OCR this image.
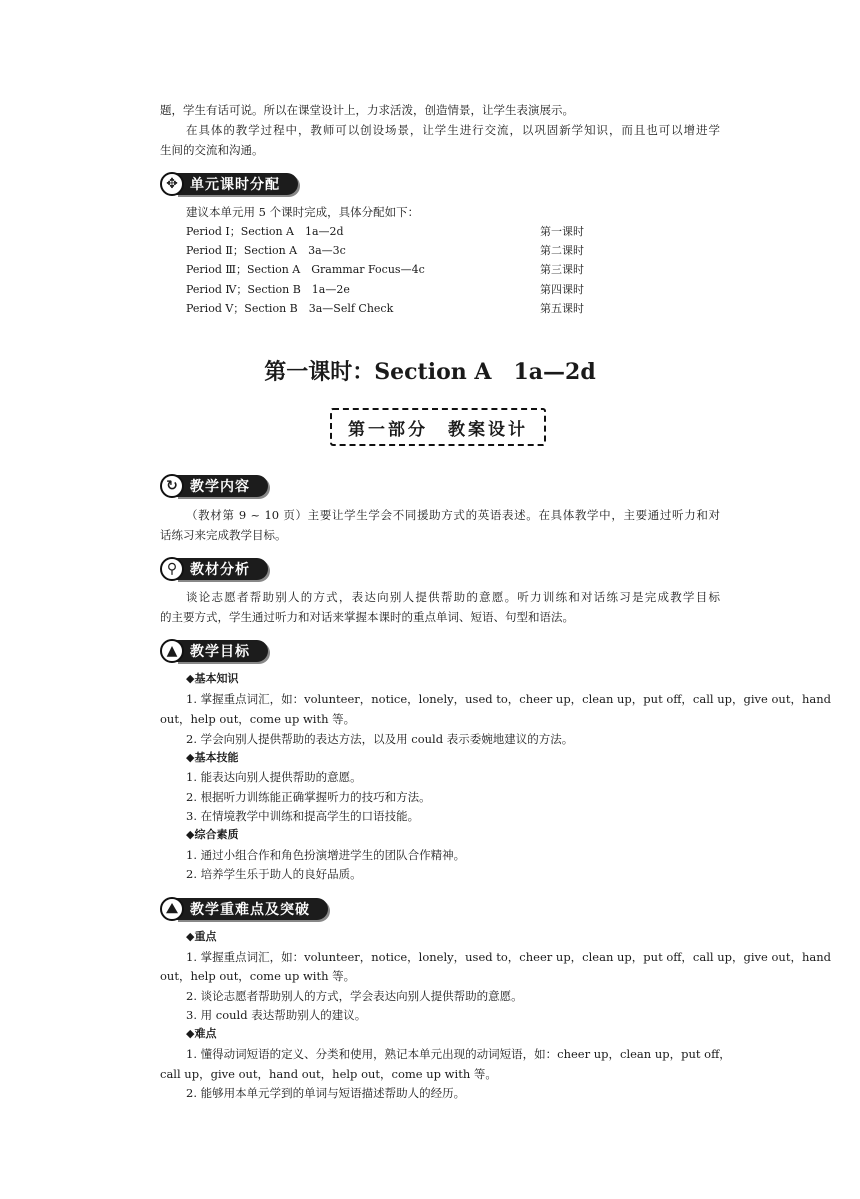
题，学生有话可说。所以在课堂设计上，力求活泼，创造情景，让学生表演展示。

在具体的教学过程中，教师可以创设场景，让学生进行交流，以巩固新学知识，而且也可以增进学

生间的交流和沟通。

✥ 单元课时分配

建议本单元用 5 个课时完成，具体分配如下：

Period Ⅰ；Section A　1a—2d	第一课时
Period Ⅱ；Section A　3a—3c	第二课时
Period Ⅲ；Section A　Grammar Focus—4c	第三课时
Period Ⅳ；Section B　1a—2e	第四课时
Period Ⅴ；Section B　3a—Self Check	第五课时
第一课时：Section A　1a—2d
第一部分　教案设计
↻ 教学内容

（教材第 9 ~ 10 页）主要让学生学会不同援助方式的英语表述。在具体教学中，主要通过听力和对

话练习来完成教学目标。

⚲ 教材分析

谈论志愿者帮助别人的方式，表达向别人提供帮助的意愿。听力训练和对话练习是完成教学目标

的主要方式，学生通过听力和对话来掌握本课时的重点单词、短语、句型和语法。

▲ 教学目标

◆基本知识

1. 掌握重点词汇，如：volunteer，notice，lonely，used to，cheer up，clean up，put off，call up，give out，hand

out，help out，come up with 等。

2. 学会向别人提供帮助的表达方法，以及用 could 表示委婉地建议的方法。

◆基本技能

1. 能表达向别人提供帮助的意愿。

2. 根据听力训练能正确掌握听力的技巧和方法。

3. 在情境教学中训练和提高学生的口语技能。

◆综合素质

1. 通过小组合作和角色扮演增进学生的团队合作精神。

2. 培养学生乐于助人的良好品质。

⛰ 教学重难点及突破

◆重点

1. 掌握重点词汇，如：volunteer，notice，lonely，used to，cheer up，clean up，put off，call up，give out，hand

out，help out，come up with 等。

2. 谈论志愿者帮助别人的方式，学会表达向别人提供帮助的意愿。

3. 用 could 表达帮助别人的建议。

◆难点

1. 懂得动词短语的定义、分类和使用，熟记本单元出现的动词短语，如：cheer up，clean up，put off，

call up，give out，hand out，help out，come up with 等。

2. 能够用本单元学到的单词与短语描述帮助人的经历。
